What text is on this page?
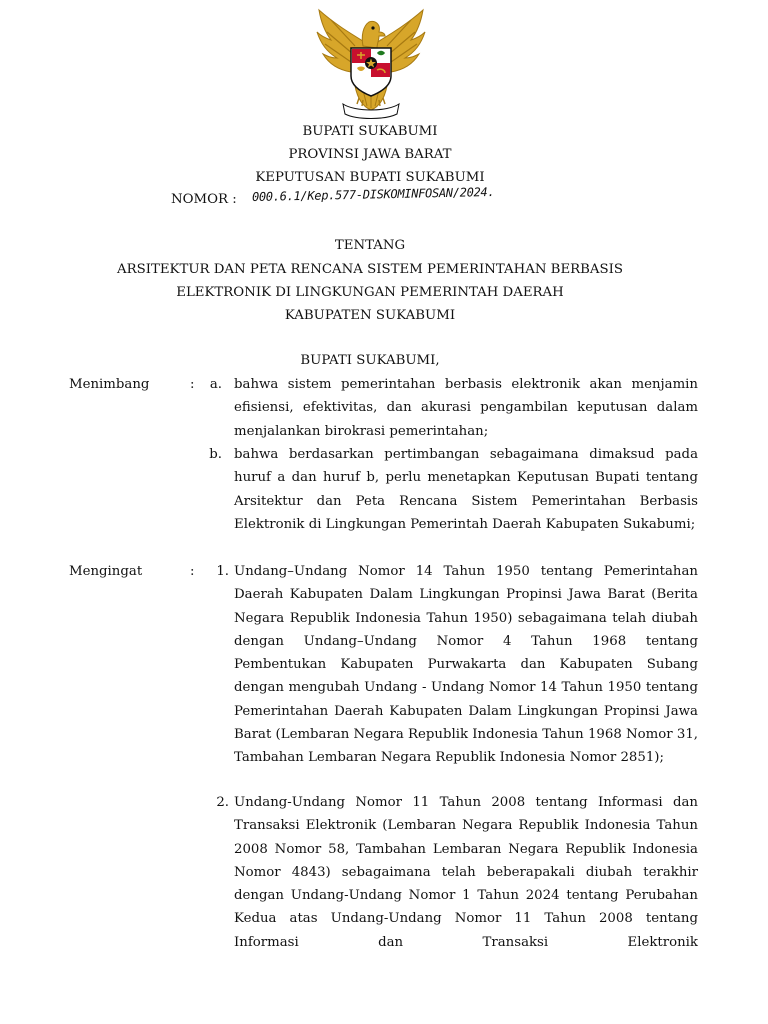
BUPATI SUKABUMI
PROVINSI JAWA BARAT
KEPUTUSAN BUPATI SUKABUMI
NOMOR : 000.6.1/Kep.577-DISKOMINFOSAN/2024.
TENTANG
ARSITEKTUR DAN PETA RENCANA SISTEM PEMERINTAHAN BERBASIS
ELEKTRONIK DI LINGKUNGAN PEMERINTAH DAERAH
KABUPATEN SUKABUMI
BUPATI SUKABUMI,
Menimbang	:	a. bahwa sistem pemerintahan berbasis elektronik akan menjamin efisiensi, efektivitas, dan akurasi pengambilan keputusan dalam menjalankan birokrasi pemerintahan;
b. bahwa berdasarkan pertimbangan sebagaimana dimaksud pada huruf a dan huruf b, perlu menetapkan Keputusan Bupati tentang Arsitektur dan Peta Rencana Sistem Pemerintahan Berbasis Elektronik di Lingkungan Pemerintah Daerah Kabupaten Sukabumi;
Mengingat	:	1. Undang–Undang Nomor 14 Tahun 1950 tentang Pemerintahan Daerah Kabupaten Dalam Lingkungan Propinsi Jawa Barat (Berita Negara Republik Indonesia Tahun 1950) sebagaimana telah diubah dengan Undang–Undang Nomor 4 Tahun 1968 tentang Pembentukan Kabupaten Purwakarta dan Kabupaten Subang dengan mengubah Undang - Undang Nomor 14 Tahun 1950 tentang Pemerintahan Daerah Kabupaten Dalam Lingkungan Propinsi Jawa Barat (Lembaran Negara Republik Indonesia Tahun 1968 Nomor 31, Tambahan Lembaran Negara Republik Indonesia Nomor 2851);
2. Undang-Undang Nomor 11 Tahun 2008 tentang Informasi dan Transaksi Elektronik (Lembaran Negara Republik Indonesia Tahun 2008 Nomor 58, Tambahan Lembaran Negara Republik Indonesia Nomor 4843) sebagaimana telah beberapakali diubah terakhir dengan Undang-Undang Nomor 1 Tahun 2024 tentang Perubahan Kedua atas Undang-Undang Nomor 11 Tahun 2008 tentang Informasi dan Transaksi Elektronik
